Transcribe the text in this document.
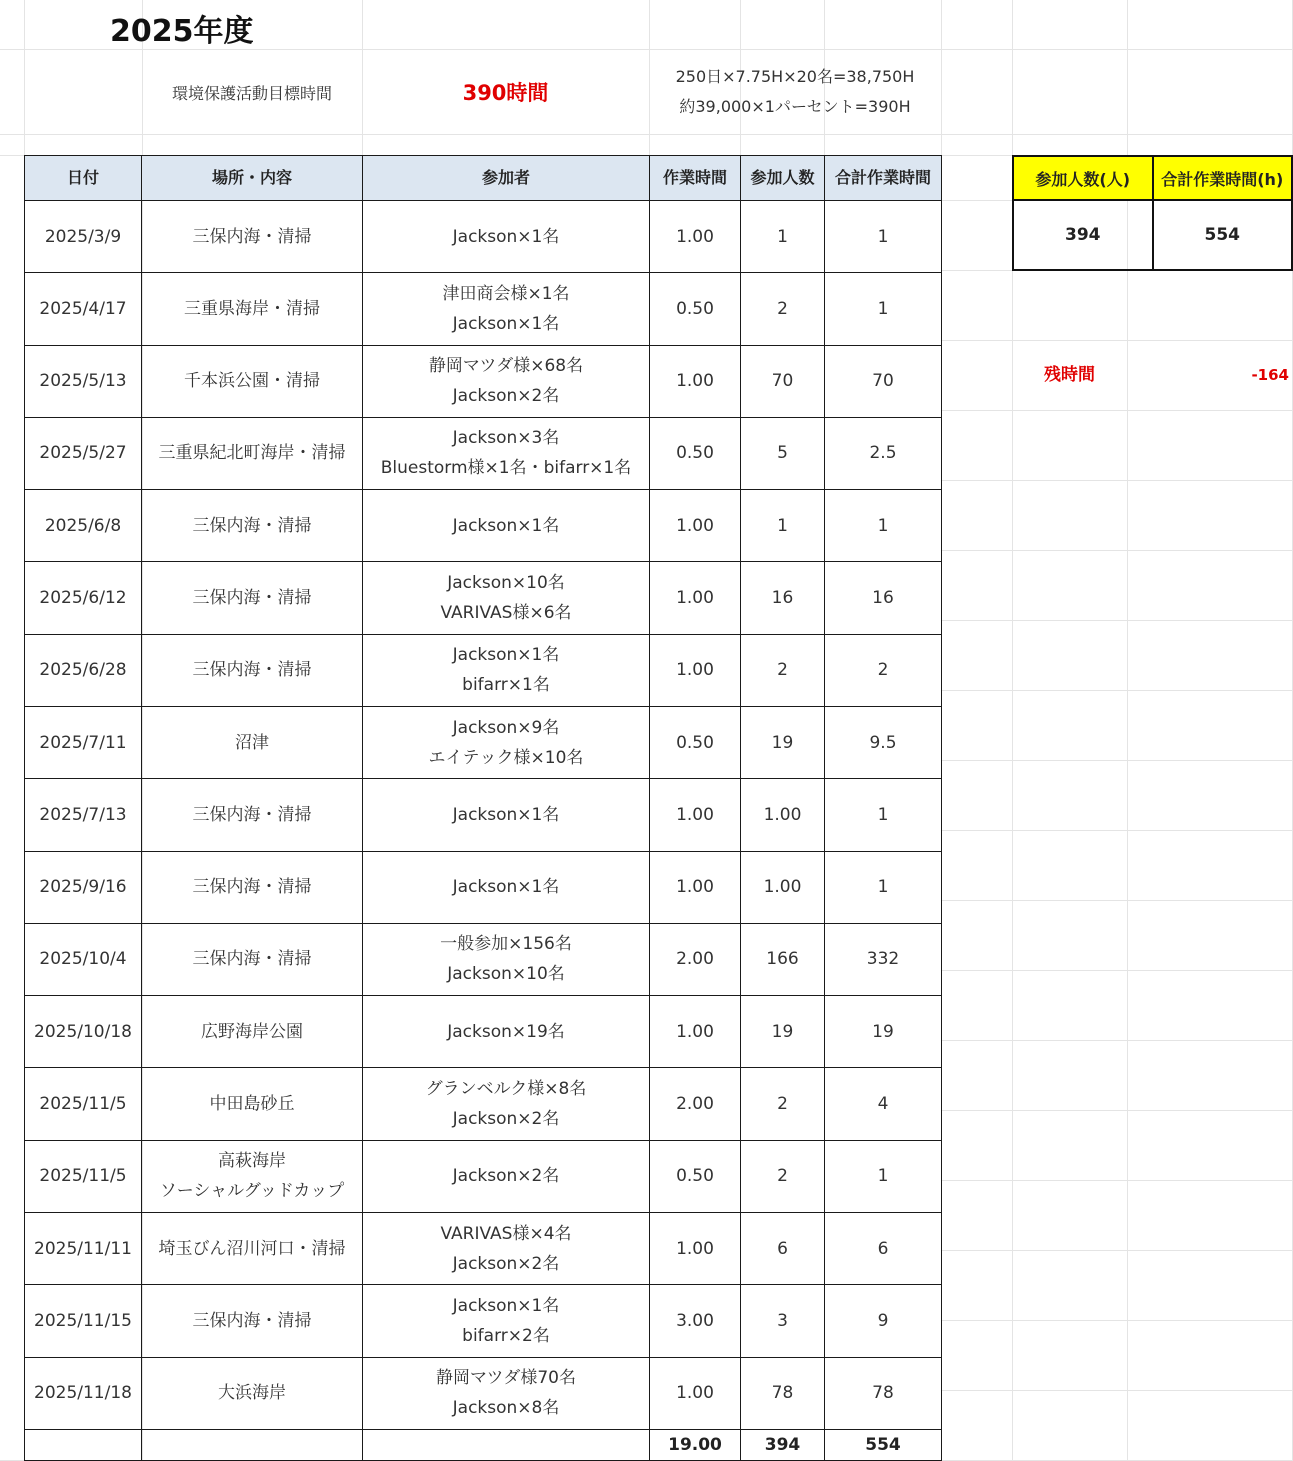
2025年度
環境保護活動目標時間	390時間
250日×7.75H×20名=38,750H
約39,000×1パーセント=390H
日付	場所・内容	参加者	作業時間	参加人数	合計作業時間
2025/3/9	三保内海・清掃	Jackson×1名	1.00	1	1
2025/4/17	三重県海岸・清掃	津田商会様×1名
Jackson×1名	0.50	2	1
2025/5/13	千本浜公園・清掃	静岡マツダ様×68名
Jackson×2名	1.00	70	70
2025/5/27	三重県紀北町海岸・清掃	Jackson×3名
Bluestorm様×1名・bifarr×1名	0.50	5	2.5
2025/6/8	三保内海・清掃	Jackson×1名	1.00	1	1
2025/6/12	三保内海・清掃	Jackson×10名
VARIVAS様×6名	1.00	16	16
2025/6/28	三保内海・清掃	Jackson×1名
bifarr×1名	1.00	2	2
2025/7/11	沼津	Jackson×9名
エイテック様×10名	0.50	19	9.5
2025/7/13	三保内海・清掃	Jackson×1名	1.00	1.00	1
2025/9/16	三保内海・清掃	Jackson×1名	1.00	1.00	1
2025/10/4	三保内海・清掃	一般参加×156名
Jackson×10名	2.00	166	332
2025/10/18	広野海岸公園	Jackson×19名	1.00	19	19
2025/11/5	中田島砂丘	グランベルク様×8名
Jackson×2名	2.00	2	4
2025/11/5	高萩海岸
ソーシャルグッドカップ	Jackson×2名	0.50	2	1
2025/11/11	埼玉びん沼川河口・清掃	VARIVAS様×4名
Jackson×2名	1.00	6	6
2025/11/15	三保内海・清掃	Jackson×1名
bifarr×2名	3.00	3	9
2025/11/18	大浜海岸	静岡マツダ様70名
Jackson×8名	1.00	78	78
			19.00	394	554
参加人数(人)	合計作業時間(h)
394	554
残時間	-164
